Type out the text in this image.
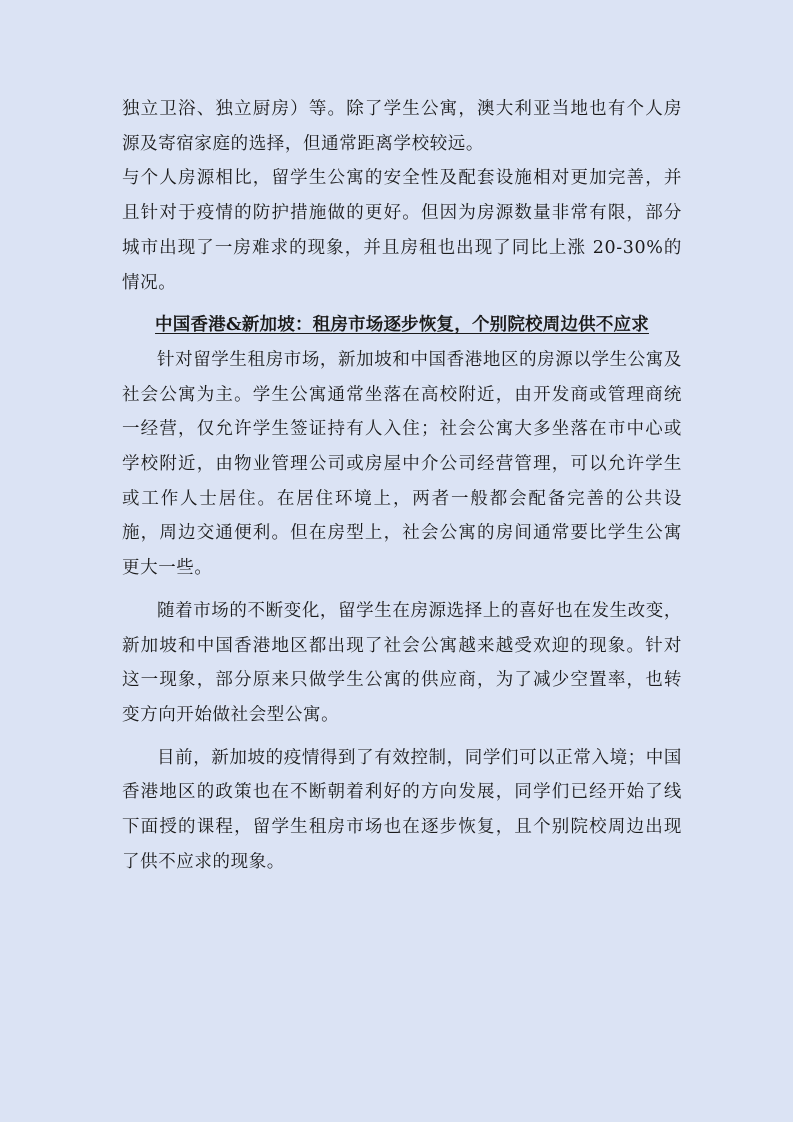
独立卫浴、独立厨房）等。除了学生公寓，澳大利亚当地也有个人房源及寄宿家庭的选择，但通常距离学校较远。

与个人房源相比，留学生公寓的安全性及配套设施相对更加完善，并且针对于疫情的防护措施做的更好。但因为房源数量非常有限，部分城市出现了一房难求的现象，并且房租也出现了同比上涨 20-30%的情况。

中国香港&新加坡：租房市场逐步恢复，个别院校周边供不应求

针对留学生租房市场，新加坡和中国香港地区的房源以学生公寓及社会公寓为主。学生公寓通常坐落在高校附近，由开发商或管理商统一经营，仅允许学生签证持有人入住；社会公寓大多坐落在市中心或学校附近，由物业管理公司或房屋中介公司经营管理，可以允许学生或工作人士居住。在居住环境上，两者一般都会配备完善的公共设施，周边交通便利。但在房型上，社会公寓的房间通常要比学生公寓更大一些。

随着市场的不断变化，留学生在房源选择上的喜好也在发生改变，新加坡和中国香港地区都出现了社会公寓越来越受欢迎的现象。针对这一现象，部分原来只做学生公寓的供应商，为了减少空置率，也转变方向开始做社会型公寓。

目前，新加坡的疫情得到了有效控制，同学们可以正常入境；中国香港地区的政策也在不断朝着利好的方向发展，同学们已经开始了线下面授的课程，留学生租房市场也在逐步恢复，且个别院校周边出现了供不应求的现象。
